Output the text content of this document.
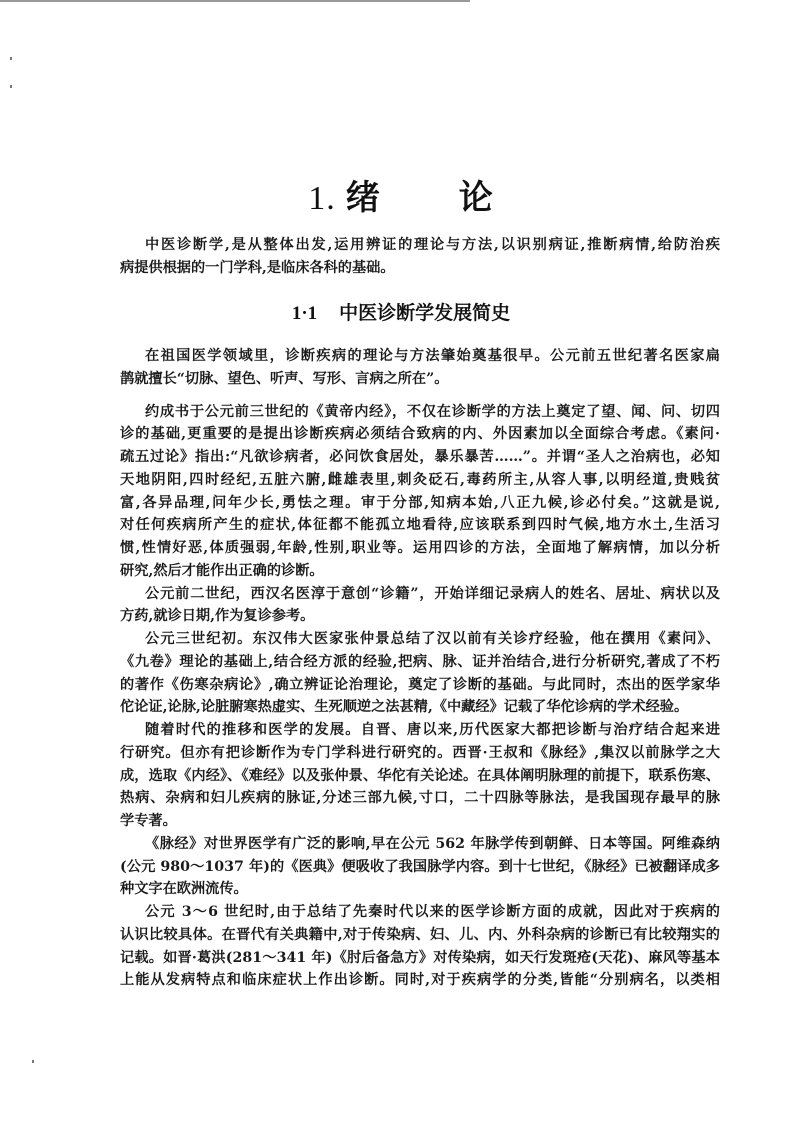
1. 绪 论
中医诊断学,是从整体出发,运用辨证的理论与方法,以识别病证,推断病情,给防治疾
病提供根据的一门学科,是临床各科的基础。
1·1 中医诊断学发展简史
在祖国医学领域里，诊断疾病的理论与方法肇始奠基很早。公元前五世纪著名医家扁
鹊就擅长“切脉、望色、听声、写形、言病之所在”。
约成书于公元前三世纪的《黄帝内经》，不仅在诊断学的方法上奠定了望、闻、问、切四
诊的基础,更重要的是提出诊断疾病必须结合致病的内、外因素加以全面综合考虑。《素问·
疏五过论》指出:“凡欲诊病者，必问饮食居处，暴乐暴苦……”。并谓“圣人之治病也，必知
天地阴阳,四时经纪,五脏六腑,雌雄表里,刺灸砭石,毒药所主,从容人事,以明经道,贵贱贫
富,各异品理,问年少长,勇怯之理。审于分部,知病本始,八正九候,诊必付矣。”这就是说,
对任何疾病所产生的症状,体征都不能孤立地看待,应该联系到四时气候,地方水土,生活习
惯,性情好恶,体质强弱,年龄,性别,职业等。运用四诊的方法，全面地了解病情，加以分析
研究,然后才能作出正确的诊断。
公元前二世纪，西汉名医淳于意创“诊籍”，开始详细记录病人的姓名、居址、病状以及
方药,就诊日期,作为复诊参考。
公元三世纪初。东汉伟大医家张仲景总结了汉以前有关诊疗经验，他在撰用《素问》、
《九卷》理论的基础上,结合经方派的经验,把病、脉、证并治结合,进行分析研究,著成了不朽
的著作《伤寒杂病论》,确立辨证论治理论，奠定了诊断的基础。与此同时，杰出的医学家华
佗论证,论脉,论脏腑寒热虚实、生死顺逆之法甚精,《中藏经》记载了华佗诊病的学术经验。
随着时代的推移和医学的发展。自晋、唐以来,历代医家大都把诊断与治疗结合起来进
行研究。但亦有把诊断作为专门学科进行研究的。西晋·王叔和《脉经》,集汉以前脉学之大
成，选取《内经》、《难经》以及张仲景、华佗有关论述。在具体阐明脉理的前提下，联系伤寒、
热病、杂病和妇儿疾病的脉证,分述三部九候,寸口，二十四脉等脉法，是我国现存最早的脉
学专著。
《脉经》对世界医学有广泛的影响,早在公元 562 年脉学传到朝鲜、日本等国。阿维森纳
(公元 980～1037 年)的《医典》便吸收了我国脉学内容。到十七世纪，《脉经》已被翻译成多
种文字在欧洲流传。
公元 3～6 世纪时,由于总结了先秦时代以来的医学诊断方面的成就，因此对于疾病的
认识比较具体。在晋代有关典籍中,对于传染病、妇、儿、内、外科杂病的诊断已有比较翔实的
记载。如晋·葛洪(281～341 年)《肘后备急方》对传染病，如天行发斑疮(天花)、麻风等基本
上能从发病特点和临床症状上作出诊断。同时,对于疾病学的分类,皆能“分别病名，以类相
